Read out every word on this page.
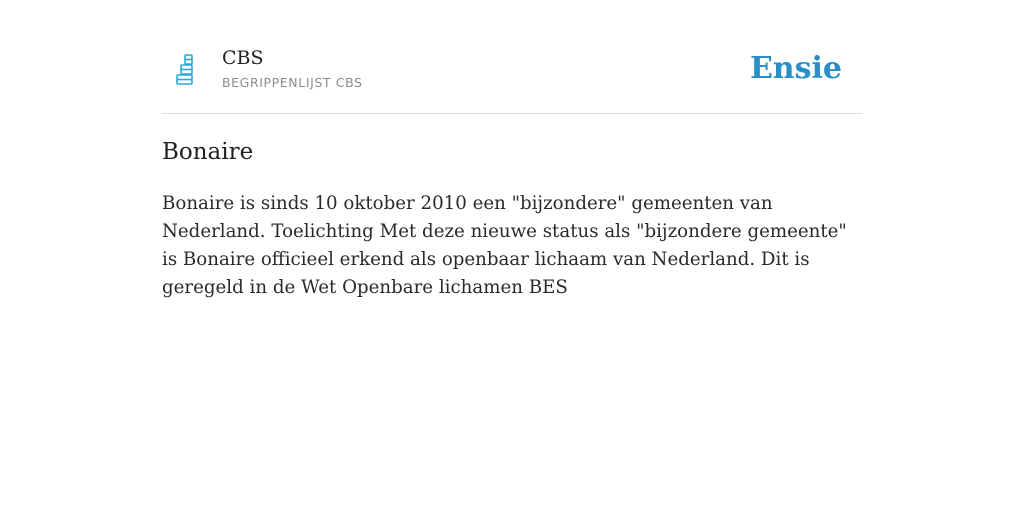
CBS
BEGRIPPENLIJST CBS	Ensie
Bonaire

Bonaire is sinds 10 oktober 2010 een "bijzondere" gemeenten van Nederland. Toelichting Met deze nieuwe status als "bijzondere gemeente" is Bonaire officieel erkend als openbaar lichaam van Nederland. Dit is geregeld in de Wet Openbare lichamen BES
